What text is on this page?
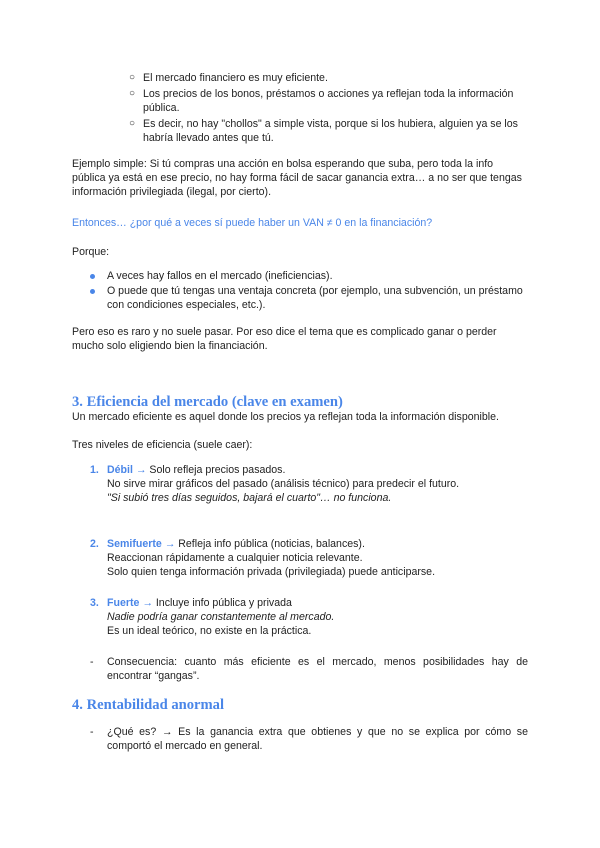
○ El mercado financiero es muy eficiente.
○ Los precios de los bonos, préstamos o acciones ya reflejan toda la información pública.
○ Es decir, no hay "chollos" a simple vista, porque si los hubiera, alguien ya se los habría llevado antes que tú.

Ejemplo simple: Si tú compras una acción en bolsa esperando que suba, pero toda la info pública ya está en ese precio, no hay forma fácil de sacar ganancia extra… a no ser que tengas información privilegiada (ilegal, por cierto).

Entonces… ¿por qué a veces sí puede haber un VAN ≠ 0 en la financiación?

Porque:

A veces hay fallos en el mercado (ineficiencias).
O puede que tú tengas una ventaja concreta (por ejemplo, una subvención, un préstamo con condiciones especiales, etc.).

Pero eso es raro y no suele pasar. Por eso dice el tema que es complicado ganar o perder mucho solo eligiendo bien la financiación.

3. Eficiencia del mercado (clave en examen)

Un mercado eficiente es aquel donde los precios ya reflejan toda la información disponible.

Tres niveles de eficiencia (suele caer):

1. Débil → Solo refleja precios pasados.
No sirve mirar gráficos del pasado (análisis técnico) para predecir el futuro.
"Si subió tres días seguidos, bajará el cuarto"… no funciona.
2. Semifuerte → Refleja info pública (noticias, balances).
Reaccionan rápidamente a cualquier noticia relevante.
Solo quien tenga información privada (privilegiada) puede anticiparse.
3. Fuerte → Incluye info pública y privada
Nadie podría ganar constantemente al mercado.
Es un ideal teórico, no existe en la práctica.
- Consecuencia: cuanto más eficiente es el mercado, menos posibilidades hay de encontrar “gangas”.
4. Rentabilidad anormal
- ¿Qué es? → Es la ganancia extra que obtienes y que no se explica por cómo se comportó el mercado en general.
